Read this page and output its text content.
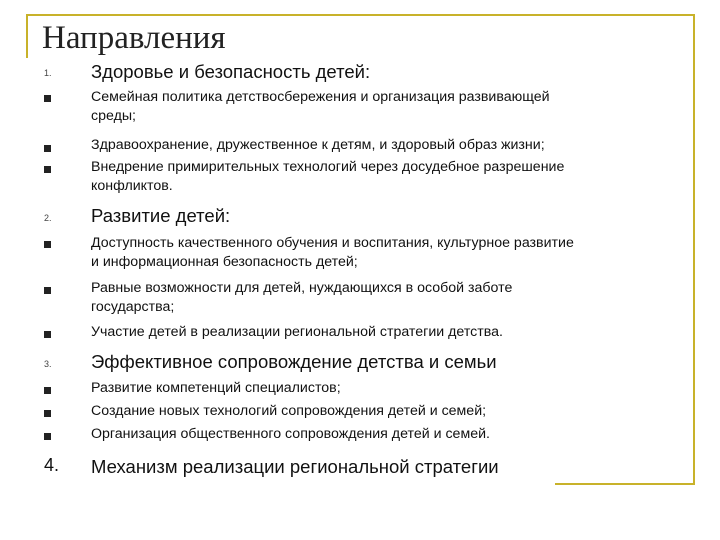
Направления
1. Здоровье и безопасность детей:
Семейная политика детствосбережения и организация развивающей
среды;
Здравоохранение, дружественное к детям, и здоровый образ жизни;
Внедрение примирительных технологий через досудебное разрешение
конфликтов.
2. Развитие детей:
Доступность качественного обучения и воспитания, культурное развитие
и информационная безопасность детей;
Равные возможности для детей, нуждающихся в особой заботе
государства;
Участие детей в реализации региональной стратегии детства.
3. Эффективное сопровождение детства и семьи
Развитие компетенций специалистов;
Создание новых технологий сопровождения детей и семей;
Организация общественного сопровождения детей и семей.
4. Механизм реализации региональной стратегии
